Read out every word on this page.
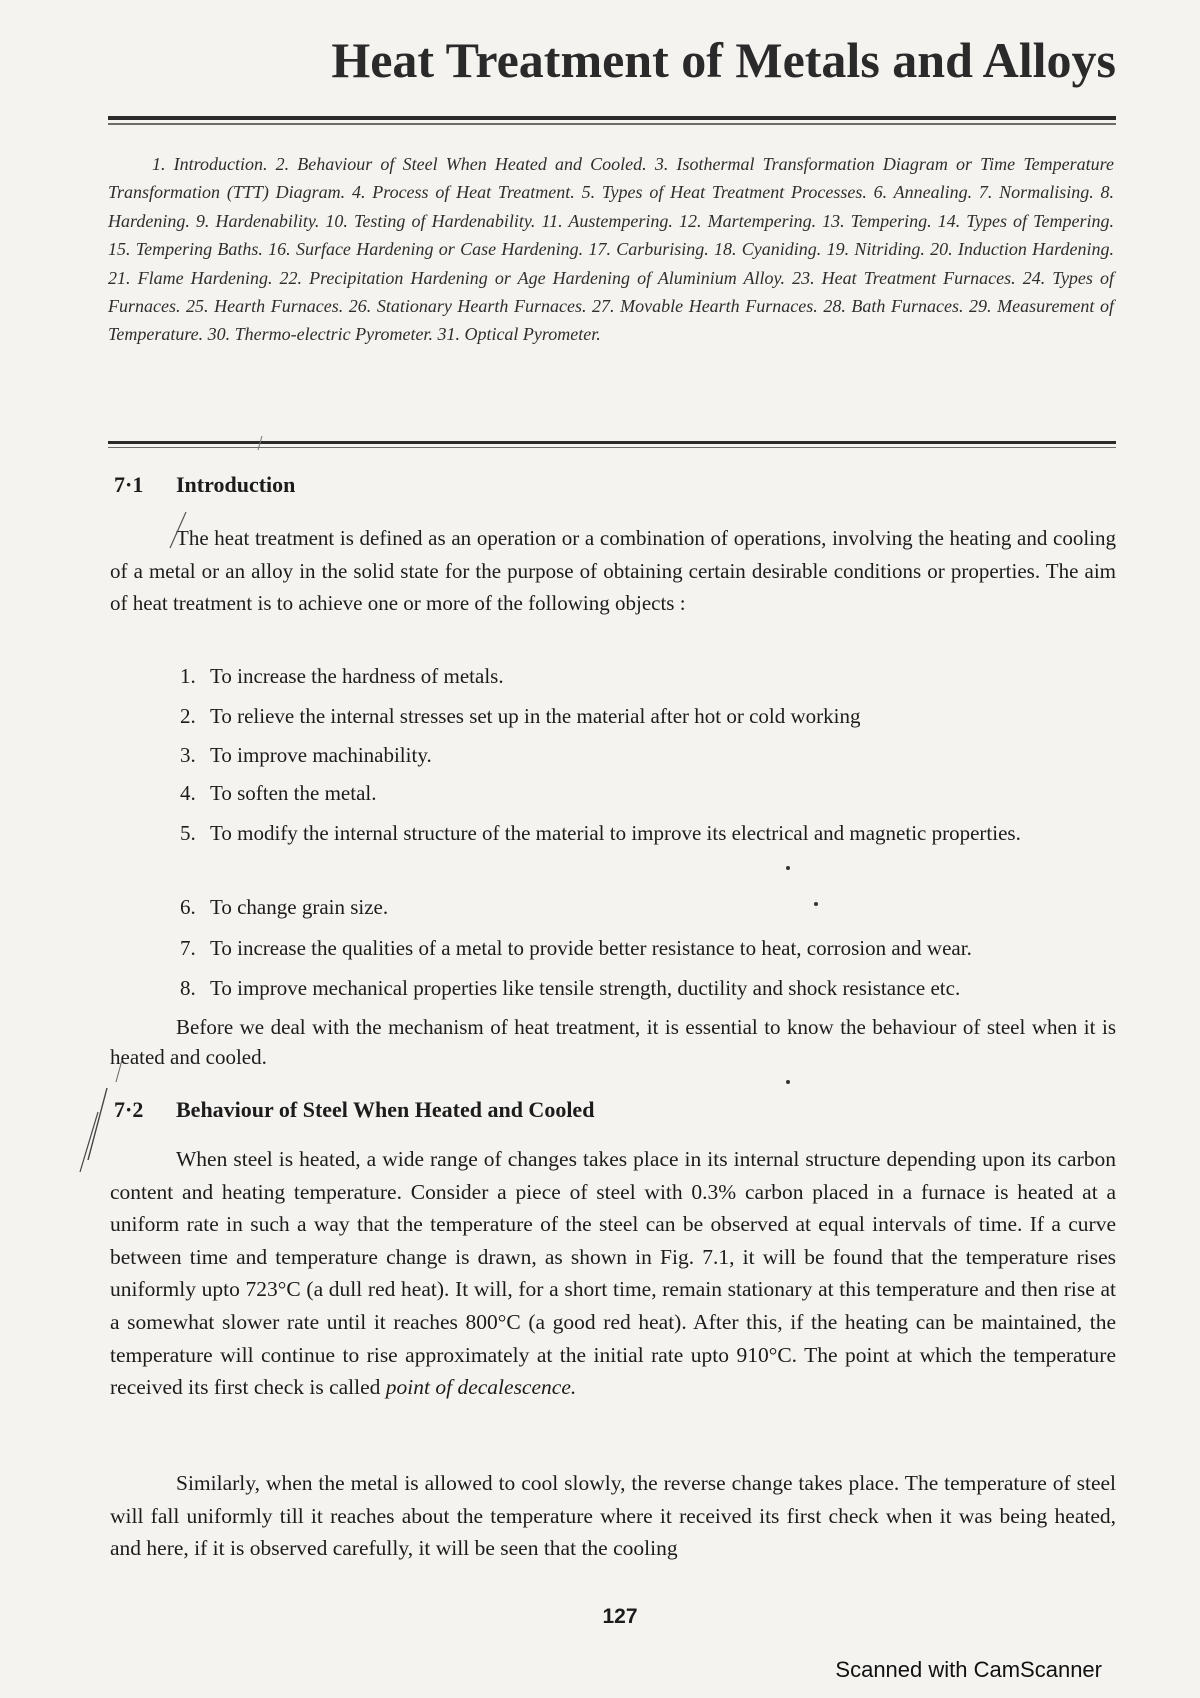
Heat Treatment of Metals and Alloys

1. Introduction. 2. Behaviour of Steel When Heated and Cooled. 3. Isothermal Transformation Diagram or Time Temperature Transformation (TTT) Diagram. 4. Process of Heat Treatment. 5. Types of Heat Treatment Processes. 6. Annealing. 7. Normalising. 8. Hardening. 9. Hardenability. 10. Testing of Hardenability. 11. Austempering. 12. Martempering. 13. Tempering. 14. Types of Tempering. 15. Tempering Baths. 16. Surface Hardening or Case Hardening. 17. Carburising. 18. Cyaniding. 19. Nitriding. 20. Induction Hardening. 21. Flame Hardening. 22. Precipitation Hardening or Age Hardening of Aluminium Alloy. 23. Heat Treatment Furnaces. 24. Types of Furnaces. 25. Hearth Furnaces. 26. Stationary Hearth Furnaces. 27. Movable Hearth Furnaces. 28. Bath Furnaces. 29. Measurement of Temperature. 30. Thermo-electric Pyrometer. 31. Optical Pyrometer.

7·1 Introduction

The heat treatment is defined as an operation or a combination of operations, involving the heating and cooling of a metal or an alloy in the solid state for the purpose of obtaining certain desirable conditions or properties. The aim of heat treatment is to achieve one or more of the following objects :

1. To increase the hardness of metals.
2. To relieve the internal stresses set up in the material after hot or cold working
3. To improve machinability.
4. To soften the metal.
5. To modify the internal structure of the material to improve its electrical and magnetic properties.
6. To change grain size.
7. To increase the qualities of a metal to provide better resistance to heat, corrosion and wear.
8. To improve mechanical properties like tensile strength, ductility and shock resistance etc.

Before we deal with the mechanism of heat treatment, it is essential to know the behaviour of steel when it is heated and cooled.

7·2 Behaviour of Steel When Heated and Cooled

When steel is heated, a wide range of changes takes place in its internal structure depending upon its carbon content and heating temperature. Consider a piece of steel with 0.3% carbon placed in a furnace is heated at a uniform rate in such a way that the temperature of the steel can be observed at equal intervals of time. If a curve between time and temperature change is drawn, as shown in Fig. 7.1, it will be found that the temperature rises uniformly upto 723°C (a dull red heat). It will, for a short time, remain stationary at this temperature and then rise at a somewhat slower rate until it reaches 800°C (a good red heat). After this, if the heating can be maintained, the temperature will continue to rise approximately at the initial rate upto 910°C. The point at which the temperature received its first check is called point of decalescence.

Similarly, when the metal is allowed to cool slowly, the reverse change takes place. The temperature of steel will fall uniformly till it reaches about the temperature where it received its first check when it was being heated, and here, if it is observed carefully, it will be seen that the cooling

127

Scanned with CamScanner
